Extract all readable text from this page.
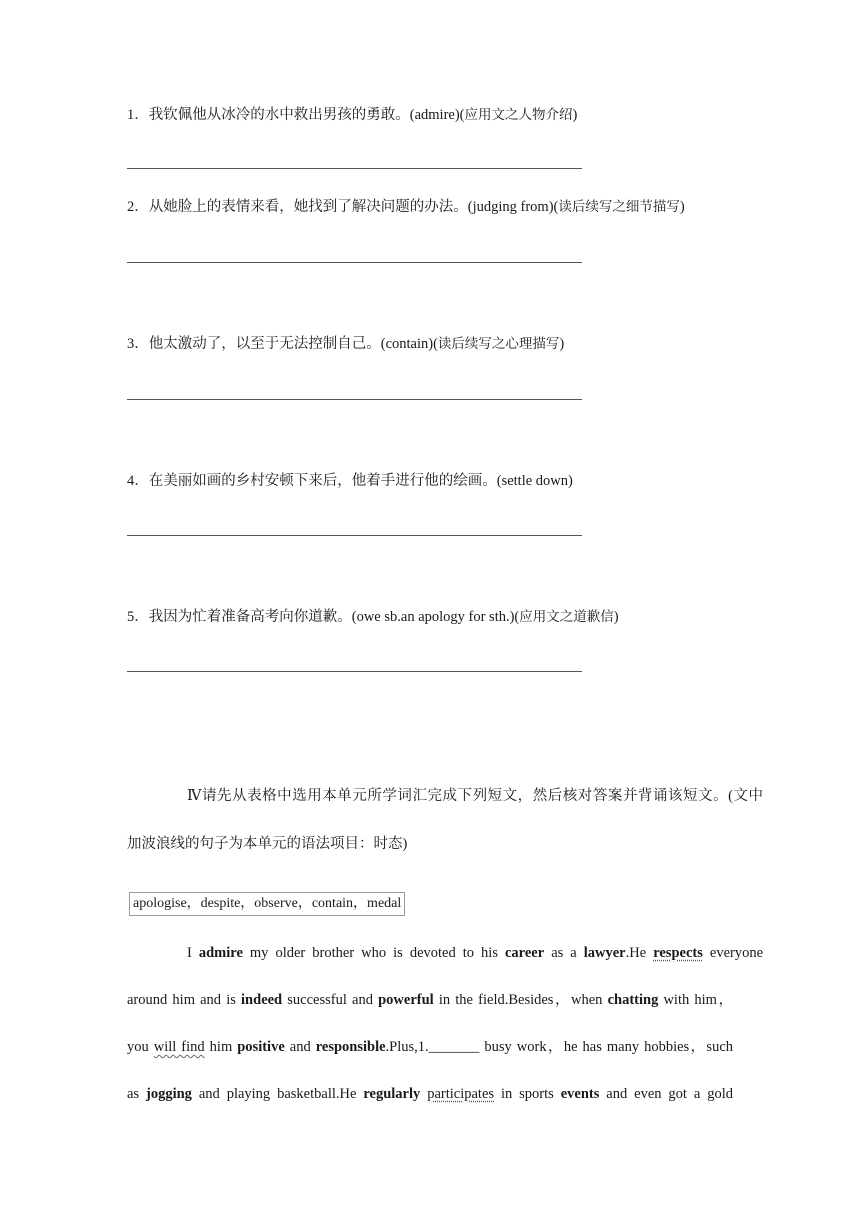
1．我钦佩他从冰冷的水中救出男孩的勇敢。(admire)(应用文之人物介绍)
2．从她脸上的表情来看，她找到了解决问题的办法。(judging from)(读后续写之细节描写)
3．他太激动了，以至于无法控制自己。(contain)(读后续写之心理描写)
4．在美丽如画的乡村安顿下来后，他着手进行他的绘画。(settle down)
5．我因为忙着准备高考向你道歉。(owe sb.an apology for sth.)(应用文之道歉信)
Ⅳ请先从表格中选用本单元所学词汇完成下列短文，然后核对答案并背诵该短文。(文中
加波浪线的句子为本单元的语法项目：时态)
apologise，despite，observe，contain，medal
I admire my older brother who is devoted to his career as a lawyer.He respects everyone
around him and is indeed successful and powerful in the field.Besides，when chatting with him，
you will find him positive and responsible.Plus,1._______ busy work，he has many hobbies，such
as jogging and playing basketball.He regularly participates in sports events and even got a gold
